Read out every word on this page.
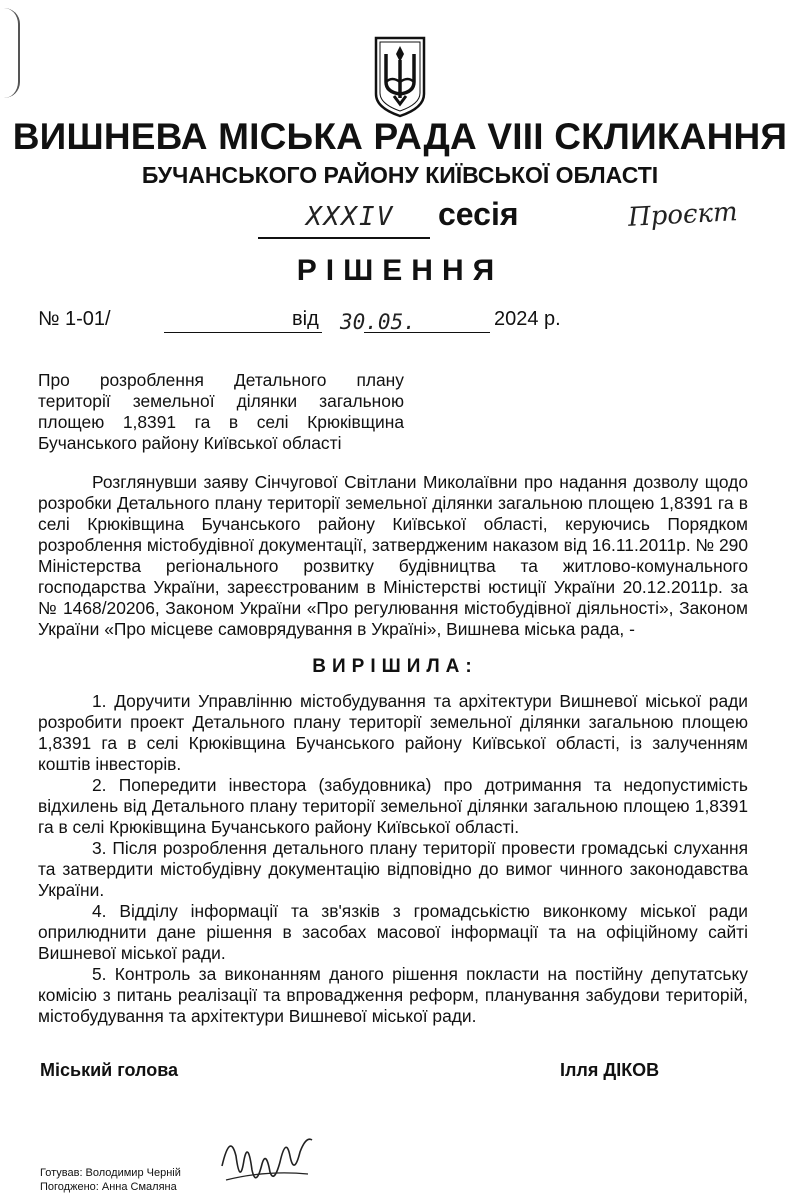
ВИШНЕВА МІСЬКА РАДА VIII СКЛИКАННЯ
БУЧАНСЬКОГО РАЙОНУ КИЇВСЬКОЇ ОБЛАСТІ
XXXIV сесія	Проєкт
РІШЕННЯ
№ 1-01/	від	2024 р.
30.05.
Про розроблення Детального плану території земельної ділянки загальною площею 1,8391 га в селі Крюківщина Бучанського району Київської області
Розглянувши заяву Сінчугової Світлани Миколаївни про надання дозволу щодо розробки Детального плану території земельної ділянки загальною площею 1,8391 га в селі Крюківщина Бучанського району Київської області, керуючись Порядком розроблення містобудівної документації, затвердженим наказом від 16.11.2011р. № 290 Міністерства регіонального розвитку будівництва та житлово-комунального господарства України, зареєстрованим в Міністерстві юстиції України 20.12.2011р. за № 1468/20206, Законом України «Про регулювання містобудівної діяльності», Законом України «Про місцеве самоврядування в Україні», Вишнева міська рада, -
ВИРІШИЛА:

1. Доручити Управлінню містобудування та архітектури Вишневої міської ради розробити проект Детального плану території земельної ділянки загальною площею 1,8391 га в селі Крюківщина Бучанського району Київської області, із залученням коштів інвесторів.

2. Попередити інвестора (забудовника) про дотримання та недопустимість відхилень від Детального плану території земельної ділянки загальною площею 1,8391 га в селі Крюківщина Бучанського району Київської області.

3. Після розроблення детального плану території провести громадські слухання та затвердити містобудівну документацію відповідно до вимог чинного законодавства України.

4. Відділу інформації та зв'язків з громадськістю виконкому міської ради оприлюднити дане рішення в засобах масової інформації та на офіційному сайті Вишневої міської ради.

5. Контроль за виконанням даного рішення покласти на постійну депутатську комісію з питань реалізації та впровадження реформ, планування забудови територій, містобудування та архітектури Вишневої міської ради.

Міський голова	Ілля ДІКОВ
Готував: Володимир Черній
Погоджено: Анна Смаляна
